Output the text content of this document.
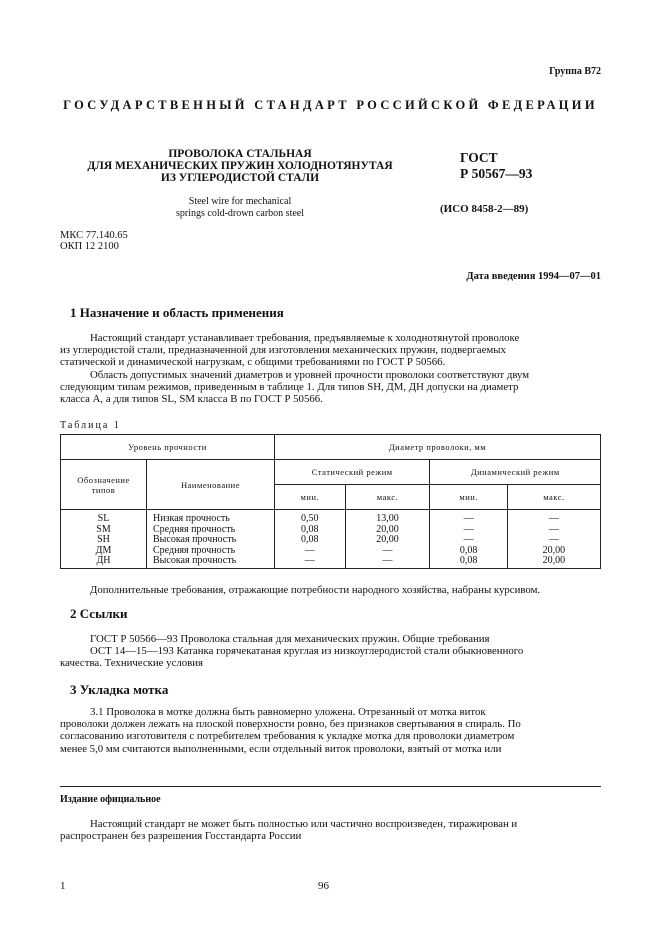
Группа В72
ГОСУДАРСТВЕННЫЙ СТАНДАРТ РОССИЙСКОЙ ФЕДЕРАЦИИ
ПРОВОЛОКА СТАЛЬНАЯ
ДЛЯ МЕХАНИЧЕСКИХ ПРУЖИН ХОЛОДНОТЯНУТАЯ
ИЗ УГЛЕРОДИСТОЙ СТАЛИ
Steel wire for mechanical
springs cold-drown carbon steel
ГОСТ
Р 50567—93
(ИСО 8458-2—89)
МКС 77.140.65
ОКП 12 2100
Дата введения 1994—07—01
1 Назначение и область применения
Настоящий стандарт устанавливает требования, предъявляемые к холоднотянутой проволоке
из углеродистой стали, предназначенной для изготовления механических пружин, подвергаемых
статической и динамической нагрузкам, с общими требованиями по ГОСТ Р 50566.
Область допустимых значений диаметров и уровней прочности проволоки соответствуют двум
следующим типам режимов, приведенным в таблице 1. Для типов SH, ДМ, ДН допуски на диаметр
класса А, а для типов SL, SM класса В по ГОСТ Р 50566.
Таблица 1
Уровень прочности		Диаметр проволоки, мм			

Обозначение
типов	Наименование	Статический режим		Динамический режим	
		мин.	макс.	мин.	макс.
SL	Низкая прочность	0,50	13,00	—	—
SM	Средняя прочность	0,08	20,00	—	—
SH	Высокая прочность	0,08	20,00	—	—
ДМ	Средняя прочность	—	—	0,08	20,00
ДН	Высокая прочность	—	—	0,08	20,00
Дополнительные требования, отражающие потребности народного хозяйства, набраны курсивом.
2 Ссылки
ГОСТ Р 50566—93 Проволока стальная для механических пружин. Общие требования
ОСТ 14—15—193 Катанка горячекатаная круглая из низкоуглеродистой стали обыкновенного
качества. Технические условия
3 Укладка мотка
3.1 Проволока в мотке должна быть равномерно уложена. Отрезанный от мотка виток
проволоки должен лежать на плоской поверхности ровно, без признаков свертывания в спираль. По
согласованию изготовителя с потребителем требования к укладке мотка для проволоки диаметром
менее 5,0 мм считаются выполненными, если отдельный виток проволоки, взятый от мотка или
Издание официальное
Настоящий стандарт не может быть полностью или частично воспроизведен, тиражирован и
распространен без разрешения Госстандарта России
1	96
